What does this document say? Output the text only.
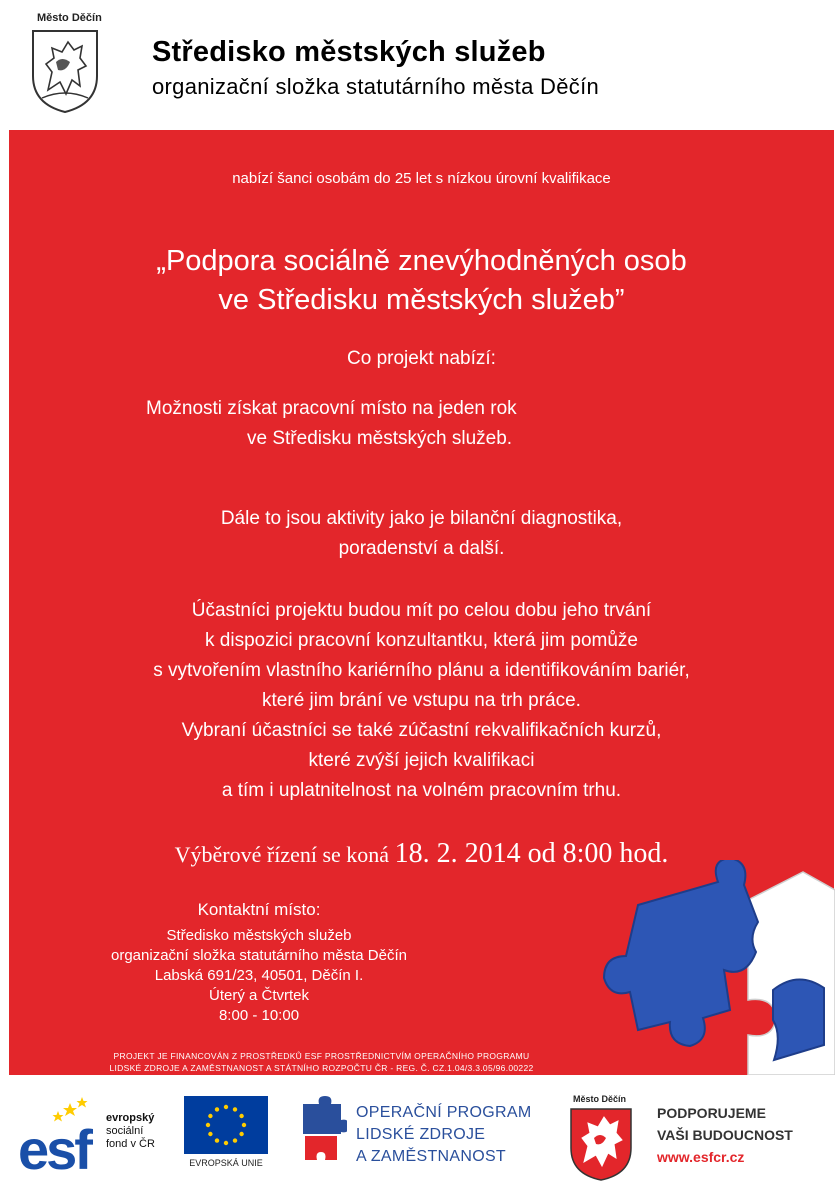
Město Děčín
Středisko městských služeb
organizační složka statutárního města Děčín
nabízí šanci osobám do 25 let s nízkou úrovní kvalifikace
„Podpora sociálně znevýhodněných osob
ve Středisku městských služeb”
Co projekt nabízí:
Možnosti získat pracovní místo na jeden rok
ve Středisku městských služeb.
Dále to jsou aktivity jako je bilanční diagnostika,
poradenství a další.
Účastníci projektu budou mít po celou dobu jeho trvání
k dispozici pracovní konzultantku, která jim pomůže
s vytvořením vlastního kariérního plánu a identifikováním bariér,
které jim brání ve vstupu na trh práce.
Vybraní účastníci se také zúčastní rekvalifikačních kurzů,
které zvýší jejich kvalifikaci
a tím i uplatnitelnost na volném pracovním trhu.
Výběrové řízení se koná 18. 2. 2014 od 8:00 hod.
Kontaktní místo:
Středisko městských služeb
organizační složka statutárního města Děčín
Labská 691/23, 40501, Děčín I.
Úterý a Čtvrtek
8:00 - 10:00
PROJEKT JE FINANCOVÁN Z PROSTŘEDKŮ ESF PROSTŘEDNICTVÍM OPERAČNÍHO PROGRAMU
LIDSKÉ ZDROJE A ZAMĚSTNANOST A STÁTNÍHO ROZPOČTU ČR - REG. Č. CZ.1.04/3.3.05/96.00222
esf	evropský
sociální
fond v ČR
EVROPSKÁ UNIE
OPERAČNÍ PROGRAM
LIDSKÉ ZDROJE
A ZAMĚSTNANOST
Město Děčín
PODPORUJEME
VAŠI BUDOUCNOST
www.esfcr.cz
